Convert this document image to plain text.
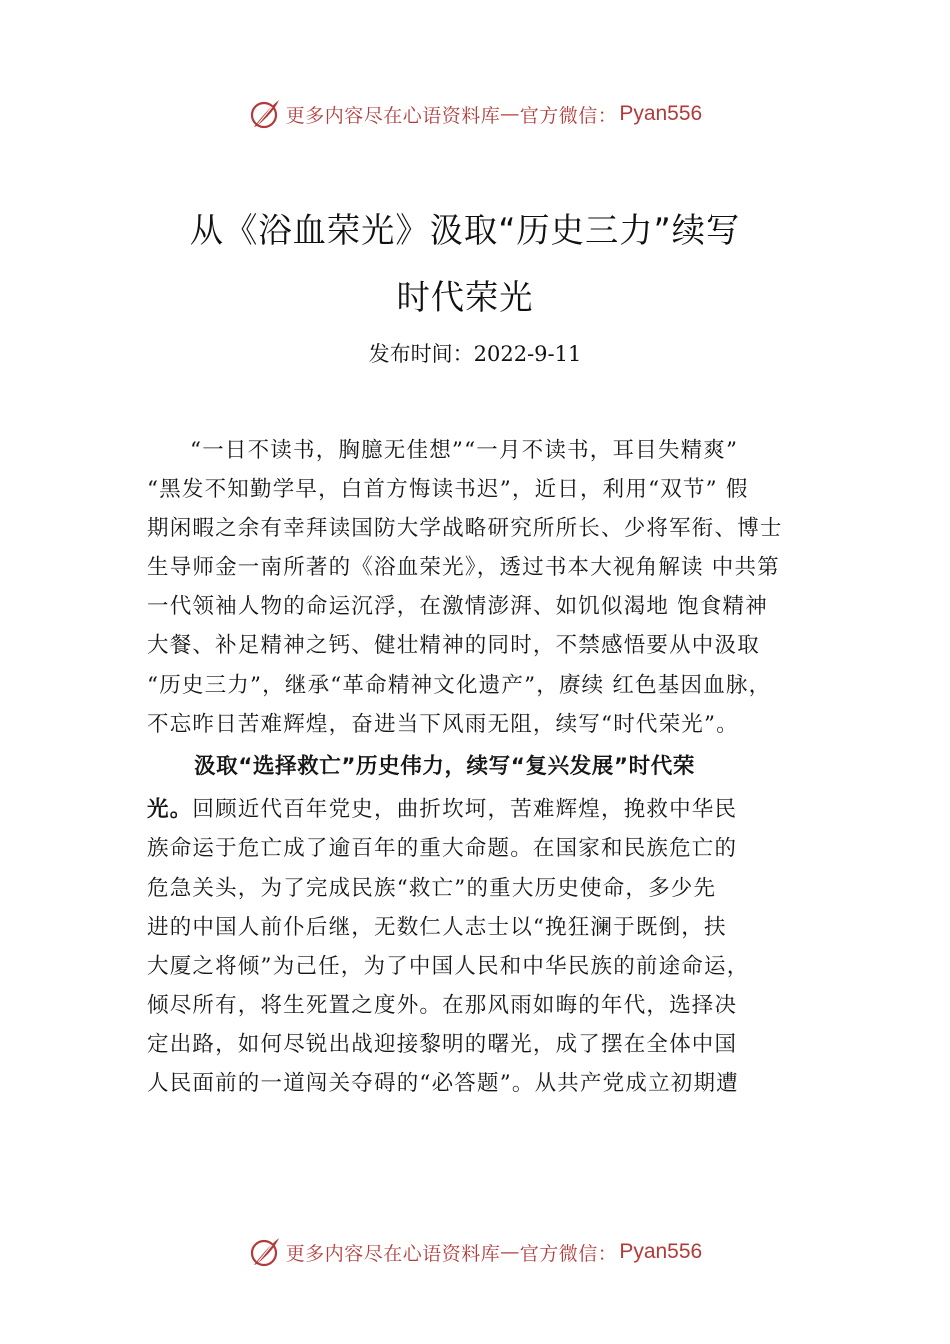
更多内容尽在心语资料库 — 官方微信： Pyan556
从《浴血荣光》汲取“历史三力”续写
时代荣光
发布时间：2022-9-11
“一日不读书，胸臆无佳想”“一月不读书，耳目失精爽”
“黑发不知勤学早，白首方悔读书迟”，近日，利用“双节” 假
期闲暇之余有幸拜读国防大学战略研究所所长、少将军衔、博士
生导师金一南所著的《浴血荣光》，透过书本大视角解读 中共第
一代领袖人物的命运沉浮，在激情澎湃、如饥似渴地 饱食精神
大餐、补足精神之钙、健壮精神的同时，不禁感悟要从中汲取
“历史三力”，继承“革命精神文化遗产”，赓续 红色基因血脉，
不忘昨日苦难辉煌，奋进当下风雨无阻，续写“时代荣光”。
汲取“选择救亡”历史伟力，续写“复兴发展”时代荣
光。回顾近代百年党史，曲折坎坷，苦难辉煌，挽救中华民
族命运于危亡成了逾百年的重大命题。在国家和民族危亡的
危急关头，为了完成民族“救亡”的重大历史使命，多少先
进的中国人前仆后继，无数仁人志士以“挽狂澜于既倒，扶
大厦之将倾”为己任，为了中国人民和中华民族的前途命运，
倾尽所有，将生死置之度外。在那风雨如晦的年代，选择决
定出路，如何尽锐出战迎接黎明的曙光，成了摆在全体中国
人民面前的一道闯关夺碍的“必答题”。从共产党成立初期遭
更多内容尽在心语资料库 — 官方微信： Pyan556
